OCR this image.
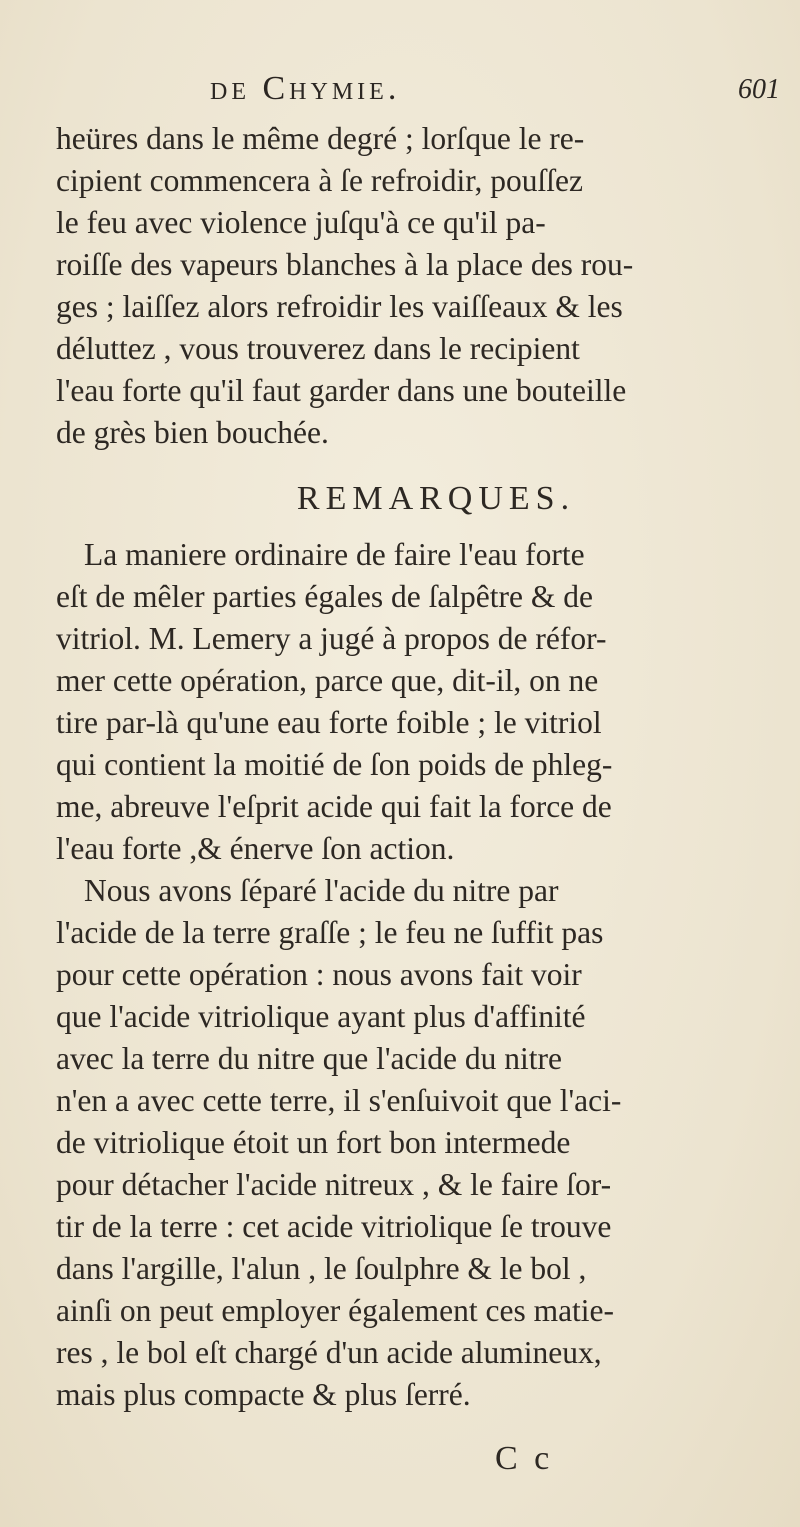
de Chymie.	601
heüres dans le même degré ; lorſque le re-
cipient commencera à ſe refroidir, pouſſez
le feu avec violence juſqu'à ce qu'il pa-
roiſſe des vapeurs blanches à la place des rou-
ges ; laiſſez alors refroidir les vaiſſeaux & les
déluttez , vous trouverez dans le recipient
l'eau forte qu'il faut garder dans une bouteille
de grès bien bouchée.
REMARQUES.
La maniere ordinaire de faire l'eau forte
eſt de mêler parties égales de ſalpêtre & de
vitriol. M. Lemery a jugé à propos de réfor-
mer cette opération, parce que, dit-il, on ne
tire par-là qu'une eau forte foible ; le vitriol
qui contient la moitié de ſon poids de phleg-
me, abreuve l'eſprit acide qui fait la force de
l'eau forte ,& énerve ſon action.
Nous avons ſéparé l'acide du nitre par
l'acide de la terre graſſe ; le feu ne ſuffit pas
pour cette opération : nous avons fait voir
que l'acide vitriolique ayant plus d'affinité
avec la terre du nitre que l'acide du nitre
n'en a avec cette terre, il s'enſuivoit que l'aci-
de vitriolique étoit un fort bon intermede
pour détacher l'acide nitreux , & le faire ſor-
tir de la terre : cet acide vitriolique ſe trouve
dans l'argille, l'alun , le ſoulphre & le bol ,
ainſi on peut employer également ces matie-
res , le bol eſt chargé d'un acide alumineux,
mais plus compacte & plus ſerré.
C c
